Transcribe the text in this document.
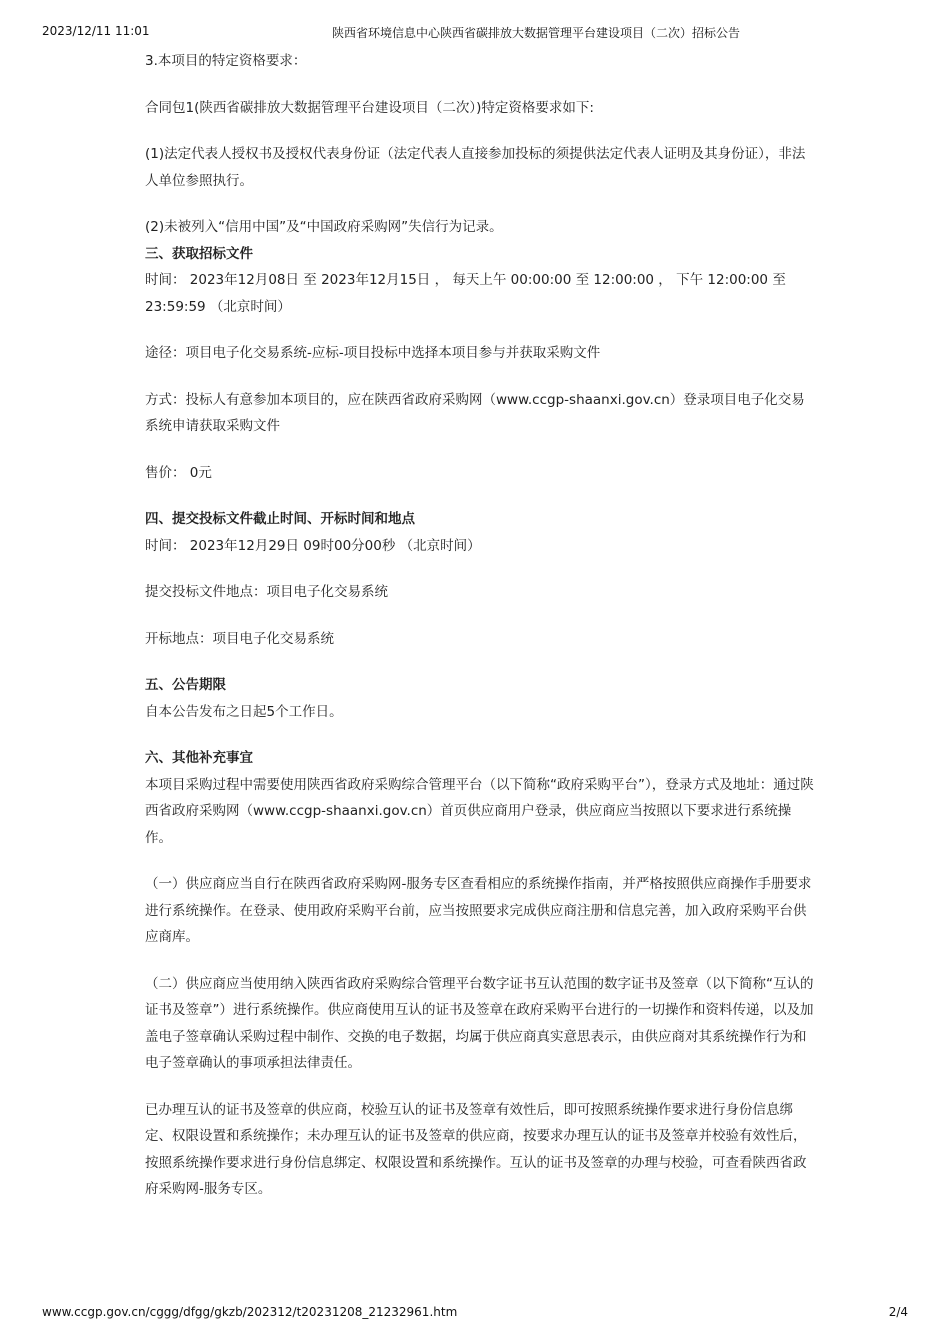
2023/12/11 11:01	陕西省环境信息中心陕西省碳排放大数据管理平台建设项目（二次）招标公告

3.本项目的特定资格要求：

合同包1(陕西省碳排放大数据管理平台建设项目（二次）)特定资格要求如下:

(1)法定代表人授权书及授权代表身份证（法定代表人直接参加投标的须提供法定代表人证明及其身份证），非法人单位参照执行。

(2)未被列入“信用中国”及“中国政府采购网”失信行为记录。

三、获取招标文件

时间： 2023年12月08日 至 2023年12月15日 ， 每天上午 00:00:00 至 12:00:00 ， 下午 12:00:00 至 23:59:59 （北京时间）

途径：项目电子化交易系统-应标-项目投标中选择本项目参与并获取采购文件

方式：投标人有意参加本项目的，应在陕西省政府采购网（www.ccgp-shaanxi.gov.cn）登录项目电子化交易系统申请获取采购文件

售价： 0元

四、提交投标文件截止时间、开标时间和地点

时间： 2023年12月29日 09时00分00秒 （北京时间）

提交投标文件地点：项目电子化交易系统

开标地点：项目电子化交易系统

五、公告期限

自本公告发布之日起5个工作日。

六、其他补充事宜

本项目采购过程中需要使用陕西省政府采购综合管理平台（以下简称“政府采购平台”），登录方式及地址：通过陕西省政府采购网（www.ccgp-shaanxi.gov.cn）首页供应商用户登录，供应商应当按照以下要求进行系统操作。

（一）供应商应当自行在陕西省政府采购网-服务专区查看相应的系统操作指南，并严格按照供应商操作手册要求进行系统操作。在登录、使用政府采购平台前，应当按照要求完成供应商注册和信息完善，加入政府采购平台供应商库。

（二）供应商应当使用纳入陕西省政府采购综合管理平台数字证书互认范围的数字证书及签章（以下简称“互认的证书及签章”）进行系统操作。供应商使用互认的证书及签章在政府采购平台进行的一切操作和资料传递，以及加盖电子签章确认采购过程中制作、交换的电子数据，均属于供应商真实意思表示，由供应商对其系统操作行为和电子签章确认的事项承担法律责任。

已办理互认的证书及签章的供应商，校验互认的证书及签章有效性后，即可按照系统操作要求进行身份信息绑定、权限设置和系统操作；未办理互认的证书及签章的供应商，按要求办理互认的证书及签章并校验有效性后，按照系统操作要求进行身份信息绑定、权限设置和系统操作。互认的证书及签章的办理与校验，可查看陕西省政府采购网-服务专区。

www.ccgp.gov.cn/cggg/dfgg/gkzb/202312/t20231208_21232961.htm	2/4
